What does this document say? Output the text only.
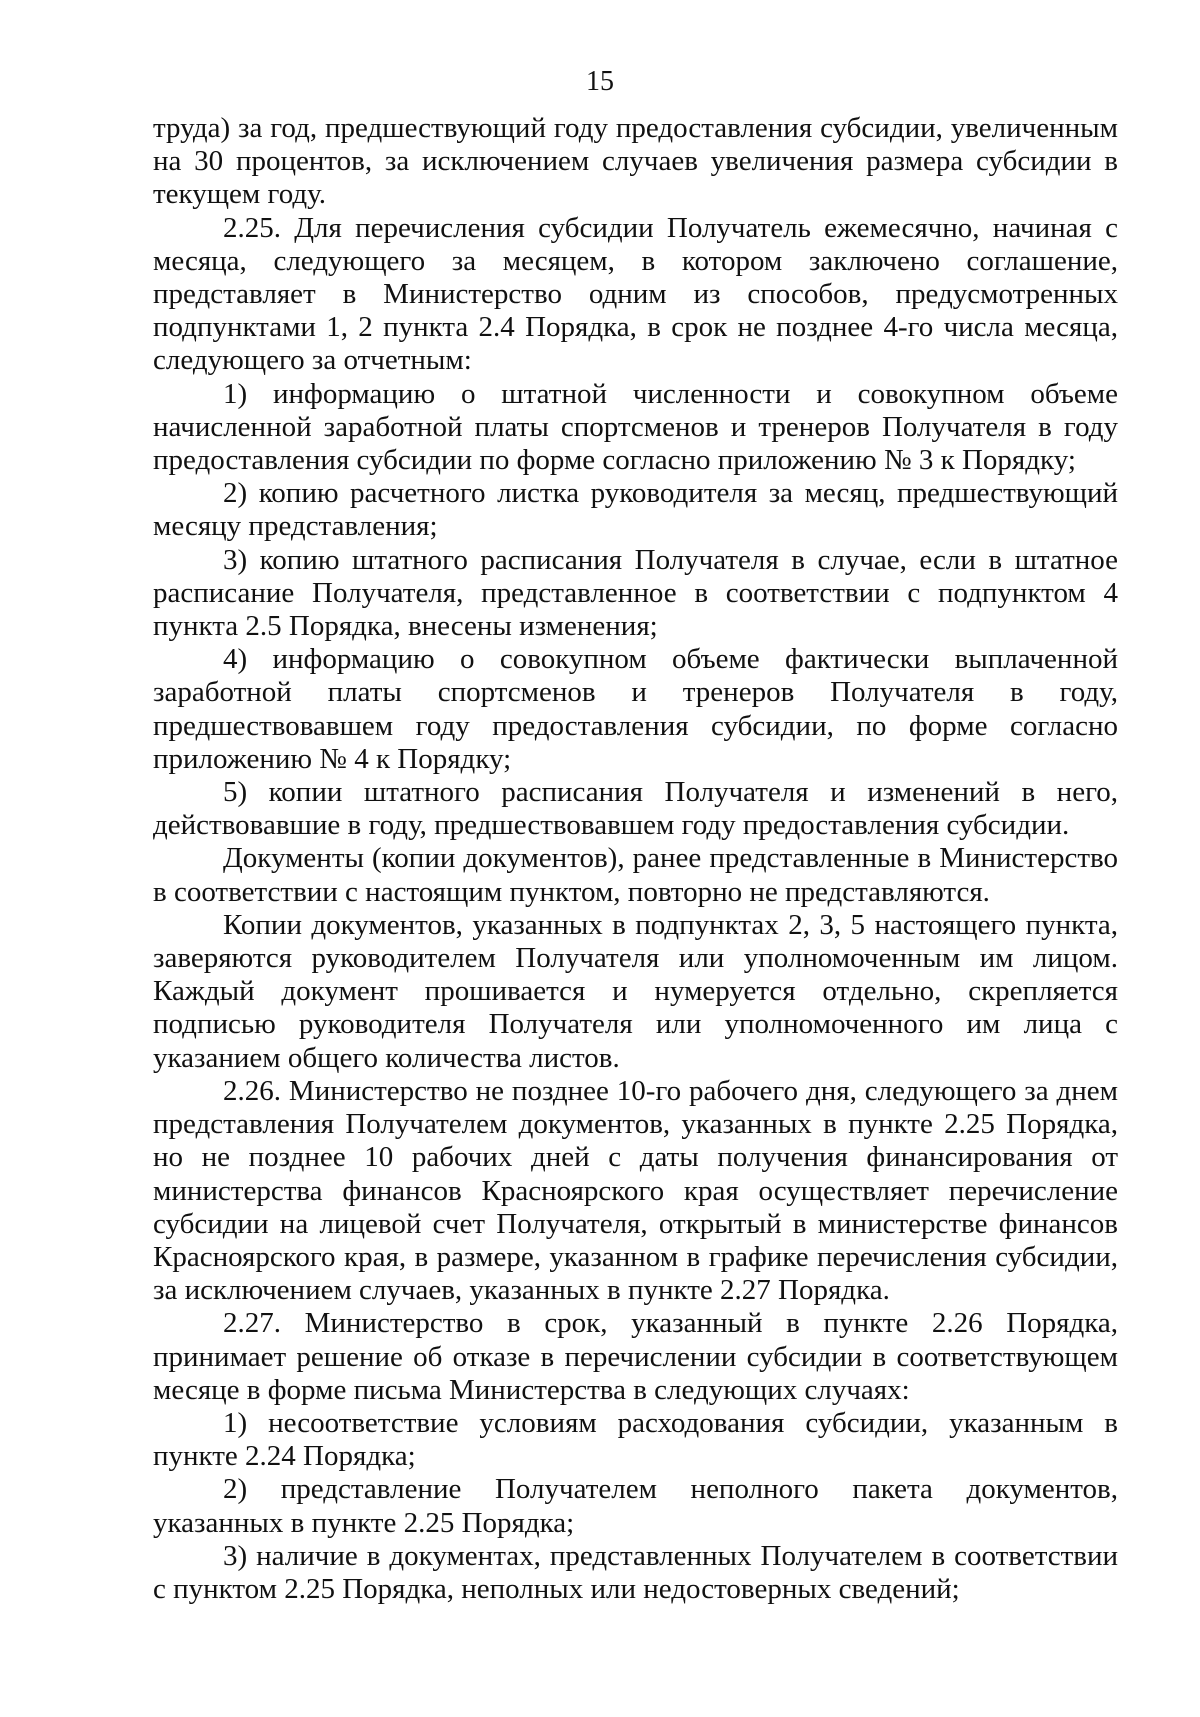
15

труда) за год, предшествующий году предоставления субсидии, увеличенным на 30 процентов, за исключением случаев увеличения размера субсидии в текущем году.

2.25. Для перечисления субсидии Получатель ежемесячно, начиная с месяца, следующего за месяцем, в котором заключено соглашение, представляет в Министерство одним из способов, предусмотренных подпунктами 1, 2 пункта 2.4 Порядка, в срок не позднее 4-го числа месяца, следующего за отчетным:

1) информацию о штатной численности и совокупном объеме начисленной заработной платы спортсменов и тренеров Получателя в году предоставления субсидии по форме согласно приложению № 3 к Порядку;

2) копию расчетного листка руководителя за месяц, предшествующий месяцу представления;

3) копию штатного расписания Получателя в случае, если в штатное расписание Получателя, представленное в соответствии с подпунктом 4 пункта 2.5 Порядка, внесены изменения;

4) информацию о совокупном объеме фактически выплаченной заработной платы спортсменов и тренеров Получателя в году, предшествовавшем году предоставления субсидии, по форме согласно приложению № 4 к Порядку;

5) копии штатного расписания Получателя и изменений в него, действовавшие в году, предшествовавшем году предоставления субсидии.

Документы (копии документов), ранее представленные в Министерство в соответствии с настоящим пунктом, повторно не представляются.

Копии документов, указанных в подпунктах 2, 3, 5 настоящего пункта, заверяются руководителем Получателя или уполномоченным им лицом. Каждый документ прошивается и нумеруется отдельно, скрепляется подписью руководителя Получателя или уполномоченного им лица с указанием общего количества листов.

2.26. Министерство не позднее 10-го рабочего дня, следующего за днем представления Получателем документов, указанных в пункте 2.25 Порядка, но не позднее 10 рабочих дней с даты получения финансирования от министерства финансов Красноярского края осуществляет перечисление субсидии на лицевой счет Получателя, открытый в министерстве финансов Красноярского края, в размере, указанном в графике перечисления субсидии, за исключением случаев, указанных в пункте 2.27 Порядка.

2.27. Министерство в срок, указанный в пункте 2.26 Порядка, принимает решение об отказе в перечислении субсидии в соответствующем месяце в форме письма Министерства в следующих случаях:

1) несоответствие условиям расходования субсидии, указанным в пункте 2.24 Порядка;

2) представление Получателем неполного пакета документов, указанных в пункте 2.25 Порядка;

3) наличие в документах, представленных Получателем в соответствии с пунктом 2.25 Порядка, неполных или недостоверных сведений;
